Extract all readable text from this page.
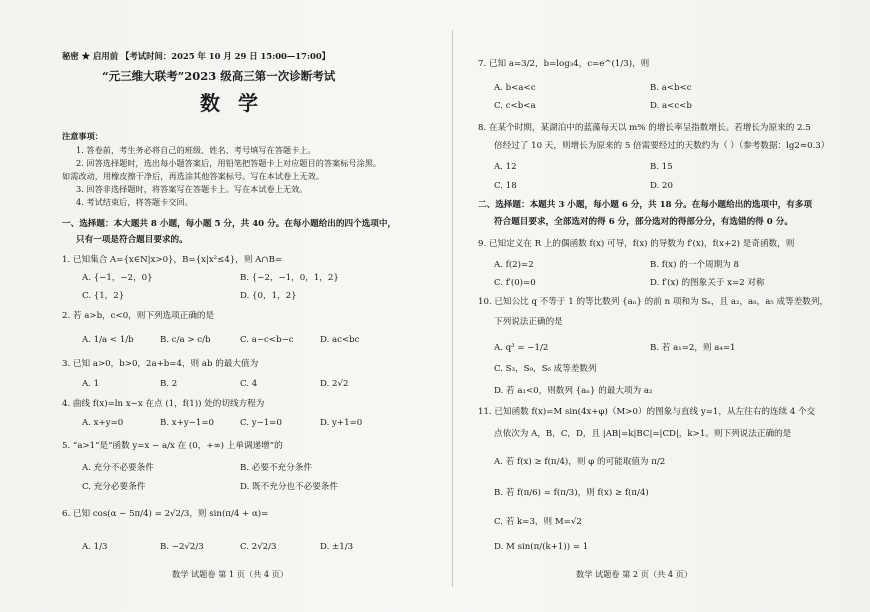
秘密 ★ 启用前 【考试时间：2025 年 10 月 29 日 15:00—17:00】
“元三维大联考”2023 级高三第一次诊断考试
数学
注意事项：
1. 答卷前，考生务必将自己的班级、姓名、考号填写在答题卡上。
2. 回答选择题时，选出每小题答案后，用铅笔把答题卡上对应题目的答案标号涂黑。
如需改动，用橡皮擦干净后，再选涂其他答案标号。写在本试卷上无效。
3. 回答非选择题时，将答案写在答题卡上。写在本试卷上无效。
4. 考试结束后，将答题卡交回。
一、选择题：本大题共 8 小题，每小题 5 分，共 40 分。在每小题给出的四个选项中，
只有一项是符合题目要求的。
1. 已知集合 A={x∈N|x>0}，B={x|x²≤4}，则 A∩B=
A. {−1，−2，0}	B. {−2，−1，0，1，2}
C. {1，2}	D. {0，1，2}
2. 若 a>b，c<0，则下列选项正确的是
A. 1/a < 1/b	B. c/a > c/b	C. a−c<b−c	D. ac<bc
3. 已知 a>0，b>0，2a+b=4，则 ab 的最大值为
A. 1	B. 2	C. 4	D. 2√2
4. 曲线 f(x)=ln x−x 在点 (1，f(1)) 处的切线方程为
A. x+y=0	B. x+y−1=0	C. y−1=0	D. y+1=0
5. “a>1”是“函数 y=x − a/x 在 (0，+∞) 上单调递增”的
A. 充分不必要条件	B. 必要不充分条件
C. 充分必要条件	D. 既不充分也不必要条件
6. 已知 cos(α − 5π/4) = 2√2/3，则 sin(π/4 + α)=
A. 1/3	B. −2√2/3	C. 2√2/3	D. ±1/3
数学 试题卷 第 1 页（共 4 页）
7. 已知 a=3/2，b=log₃4，c=e^(1/3)，则
A. b<a<c	B. a<b<c
C. c<b<a	D. a<c<b
8. 在某个时期，某湖泊中的蓝藻每天以 m% 的增长率呈指数增长。若增长为原来的 2.5
倍经过了 10 天，则增长为原来的 5 倍需要经过的天数约为（ ）（参考数据：lg2≈0.3）
A. 12	B. 15
C. 18	D. 20
二、选择题：本题共 3 小题，每小题 6 分，共 18 分。在每小题给出的选项中，有多项
符合题目要求，全部选对的得 6 分，部分选对的得部分分，有选错的得 0 分。
9. 已知定义在 R 上的偶函数 f(x) 可导，f(x) 的导数为 f′(x)，f(x+2) 是奇函数，则
A. f(2)=2	B. f(x) 的一个周期为 8
C. f′(0)=0	D. f′(x) 的图象关于 x=2 对称
10. 已知公比 q 不等于 1 的等比数列 {aₙ} 的前 n 项和为 Sₙ，且 a₂，a₈，a₅ 成等差数列，
下列说法正确的是
A. q³ = −1/2	B. 若 a₁=2，则 a₄=1
C. S₃，S₉，S₆ 成等差数列
D. 若 a₁<0，则数列 {aₙ} 的最大项为 a₂
11. 已知函数 f(x)=M sin(4x+φ)（M>0）的图象与直线 y=1，从左往右的连续 4 个交
点依次为 A，B，C，D，且 |AB|=k|BC|=|CD|，k>1。则下列说法正确的是
A. 若 f(x) ≥ f(π/4)，则 φ 的可能取值为 π/2
B. 若 f(π/6) = f(π/3)，则 f(x) ≥ f(π/4)
C. 若 k=3，则 M=√2
D. M sin(π/(k+1)) = 1
数学 试题卷 第 2 页（共 4 页）
